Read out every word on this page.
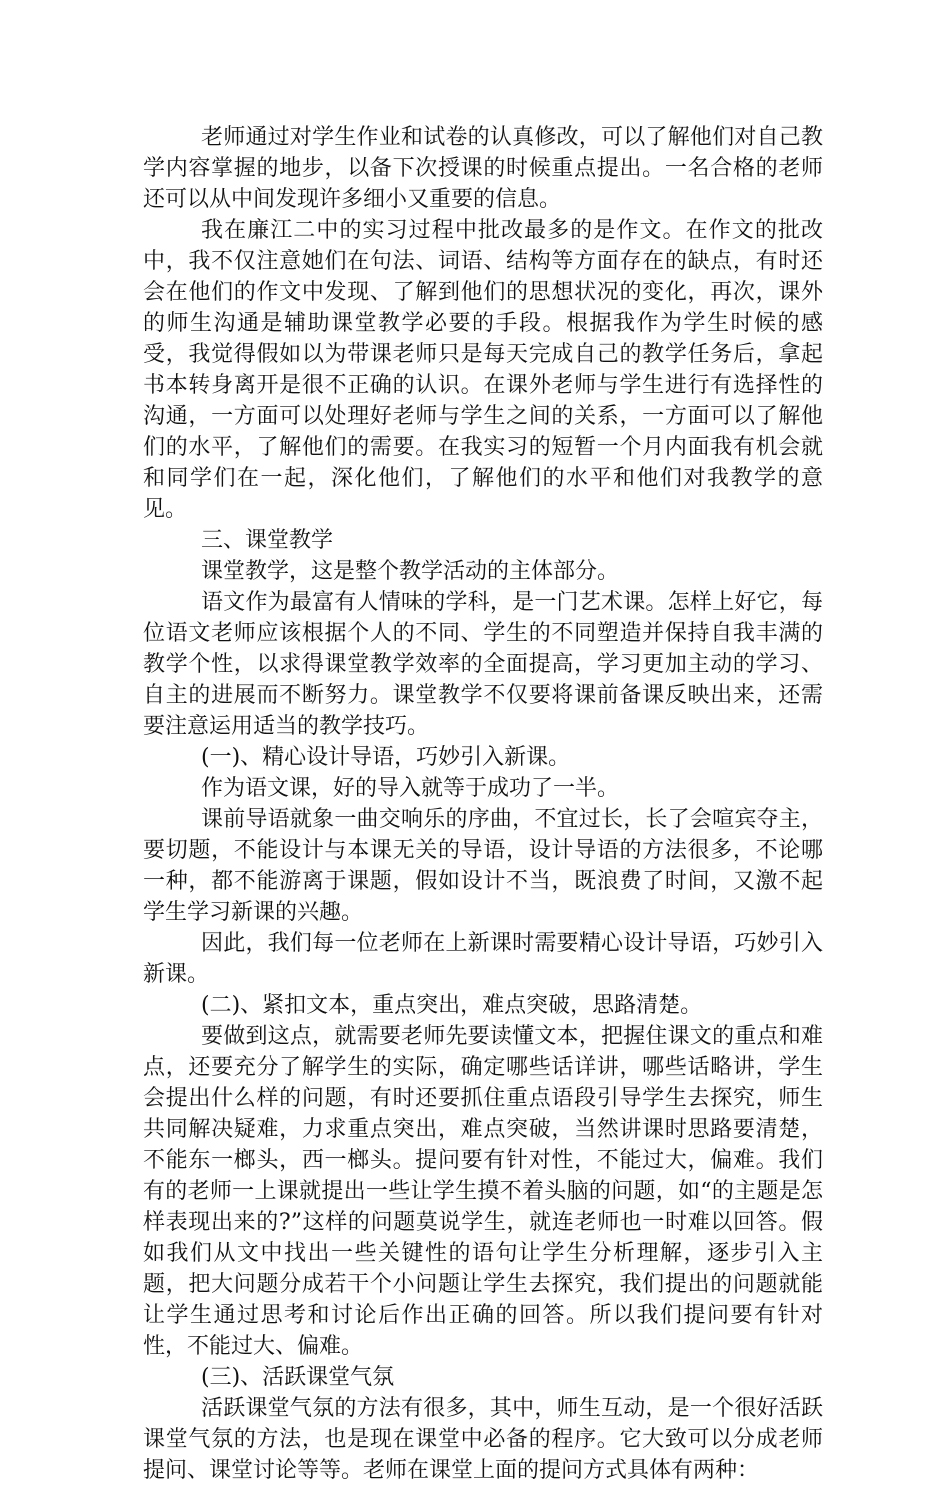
老师通过对学生作业和试卷的认真修改，可以了解他们对自己教学内容掌握的地步，以备下次授课的时候重点提出。一名合格的老师还可以从中间发现许多细小又重要的信息。

我在廉江二中的实习过程中批改最多的是作文。在作文的批改中，我不仅注意她们在句法、词语、结构等方面存在的缺点，有时还会在他们的作文中发现、了解到他们的思想状况的变化，再次，课外的师生沟通是辅助课堂教学必要的手段。根据我作为学生时候的感受，我觉得假如以为带课老师只是每天完成自己的教学任务后，拿起书本转身离开是很不正确的认识。在课外老师与学生进行有选择性的沟通，一方面可以处理好老师与学生之间的关系，一方面可以了解他们的水平，了解他们的需要。在我实习的短暂一个月内面我有机会就和同学们在一起，深化他们，了解他们的水平和他们对我教学的意见。

三、课堂教学

课堂教学，这是整个教学活动的主体部分。

语文作为最富有人情味的学科，是一门艺术课。怎样上好它，每位语文老师应该根据个人的不同、学生的不同塑造并保持自我丰满的教学个性，以求得课堂教学效率的全面提高，学习更加主动的学习、自主的进展而不断努力。课堂教学不仅要将课前备课反映出来，还需要注意运用适当的教学技巧。

(一)、精心设计导语，巧妙引入新课。

作为语文课，好的导入就等于成功了一半。

课前导语就象一曲交响乐的序曲，不宜过长，长了会喧宾夺主，要切题，不能设计与本课无关的导语，设计导语的方法很多，不论哪一种，都不能游离于课题，假如设计不当，既浪费了时间，又激不起学生学习新课的兴趣。

因此，我们每一位老师在上新课时需要精心设计导语，巧妙引入新课。

(二)、紧扣文本，重点突出，难点突破，思路清楚。

要做到这点，就需要老师先要读懂文本，把握住课文的重点和难点，还要充分了解学生的实际，确定哪些话详讲，哪些话略讲，学生会提出什么样的问题，有时还要抓住重点语段引导学生去探究，师生共同解决疑难，力求重点突出，难点突破，当然讲课时思路要清楚，不能东一榔头，西一榔头。提问要有针对性，不能过大，偏难。我们有的老师一上课就提出一些让学生摸不着头脑的问题，如“的主题是怎样表现出来的?”这样的问题莫说学生，就连老师也一时难以回答。假如我们从文中找出一些关键性的语句让学生分析理解，逐步引入主题，把大问题分成若干个小问题让学生去探究，我们提出的问题就能让学生通过思考和讨论后作出正确的回答。所以我们提问要有针对性，不能过大、偏难。

(三)、活跃课堂气氛

活跃课堂气氛的方法有很多，其中，师生互动，是一个很好活跃课堂气氛的方法，也是现在课堂中必备的程序。它大致可以分成老师提问、课堂讨论等等。老师在课堂上面的提问方式具体有两种：
